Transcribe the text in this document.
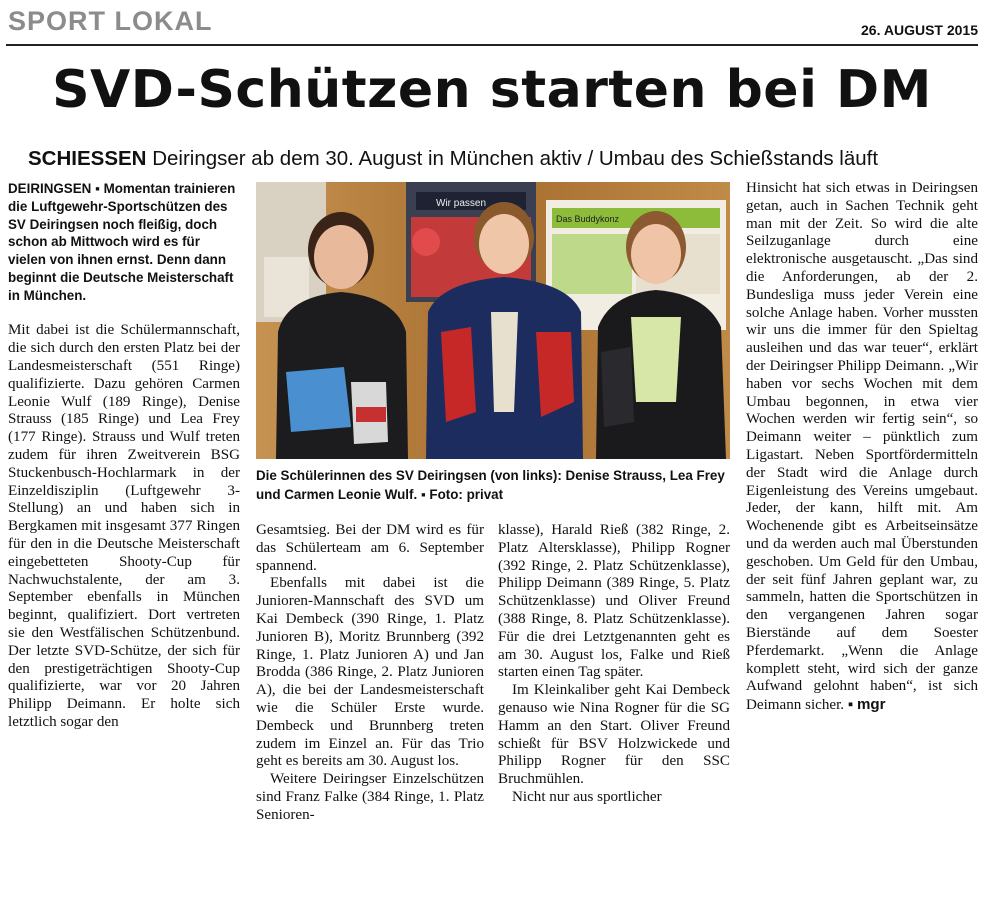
SPORT LOKAL	26. AUGUST 2015
SVD-Schützen starten bei DM
SCHIESSEN Deiringser ab dem 30. August in München aktiv / Umbau des Schießstands läuft

DEIRINGSEN ▪ Momentan trainieren die Luftgewehr-Sportschützen des SV Deiringsen noch fleißig, doch schon ab Mittwoch wird es für vielen von ihnen ernst. Denn dann beginnt die Deutsche Meisterschaft in München.

Mit dabei ist die Schülermannschaft, die sich durch den ersten Platz bei der Landesmeisterschaft (551 Ringe) qualifizierte. Dazu gehören Carmen Leonie Wulf (189 Ringe), Denise Strauss (185 Ringe) und Lea Frey (177 Ringe). Strauss und Wulf treten zudem für ihren Zweitverein BSG Stuckenbusch-Hochlarmark in der Einzeldisziplin (Luftgewehr 3-Stellung) an und haben sich in Bergkamen mit insgesamt 377 Ringen für den in die Deutsche Meisterschaft eingebetteten Shooty-Cup für Nachwuchstalente, der am 3. September ebenfalls in München beginnt, qualifiziert. Dort vertreten sie den Westfälischen Schützenbund. Der letzte SVD-Schütze, der sich für den prestigeträchtigen Shooty-Cup qualifizierte, war vor 20 Jahren Philipp Deimann. Er holte sich letztlich sogar den

Wir passen
Das Buddykonz
Die Schülerinnen des SV Deiringsen (von links): Denise Strauss, Lea Frey und Carmen Leonie Wulf. ▪ Foto: privat

Gesamtsieg. Bei der DM wird es für das Schülerteam am 6. September spannend.

Ebenfalls mit dabei ist die Junioren-Mannschaft des SVD um Kai Dembeck (390 Ringe, 1. Platz Junioren B), Moritz Brunnberg (392 Ringe, 1. Platz Junioren A) und Jan Brodda (386 Ringe, 2. Platz Junioren A), die bei der Landesmeisterschaft wie die Schüler Erste wurde. Dembeck und Brunnberg treten zudem im Einzel an. Für das Trio geht es bereits am 30. August los.

Weitere Deiringser Einzelschützen sind Franz Falke (384 Ringe, 1. Platz Senioren-

klasse), Harald Rieß (382 Ringe, 2. Platz Altersklasse), Philipp Rogner (392 Ringe, 2. Platz Schützenklasse), Philipp Deimann (389 Ringe, 5. Platz Schützenklasse) und Oliver Freund (388 Ringe, 8. Platz Schützenklasse). Für die drei Letztgenannten geht es am 30. August los, Falke und Rieß starten einen Tag später.

Im Kleinkaliber geht Kai Dembeck genauso wie Nina Rogner für die SG Hamm an den Start. Oliver Freund schießt für BSV Holzwickede und Philipp Rogner für den SSC Bruchmühlen.

Nicht nur aus sportlicher

Hinsicht hat sich etwas in Deiringsen getan, auch in Sachen Technik geht man mit der Zeit. So wird die alte Seilzuganlage durch eine elektronische ausgetauscht. „Das sind die Anforderungen, ab der 2. Bundesliga muss jeder Verein eine solche Anlage haben. Vorher mussten wir uns die immer für den Spieltag ausleihen und das war teuer“, erklärt der Deiringser Philipp Deimann. „Wir haben vor sechs Wochen mit dem Umbau begonnen, in etwa vier Wochen werden wir fertig sein“, so Deimann weiter – pünktlich zum Ligastart. Neben Sportfördermitteln der Stadt wird die Anlage durch Eigenleistung des Vereins umgebaut. Jeder, der kann, hilft mit. Am Wochenende gibt es Arbeitseinsätze und da werden auch mal Überstunden geschoben. Um Geld für den Umbau, der seit fünf Jahren geplant war, zu sammeln, hatten die Sportschützen in den vergangenen Jahren sogar Bierstände auf dem Soester Pferdemarkt. „Wenn die Anlage komplett steht, wird sich der ganze Aufwand gelohnt haben“, ist sich Deimann sicher. ▪ mgr
